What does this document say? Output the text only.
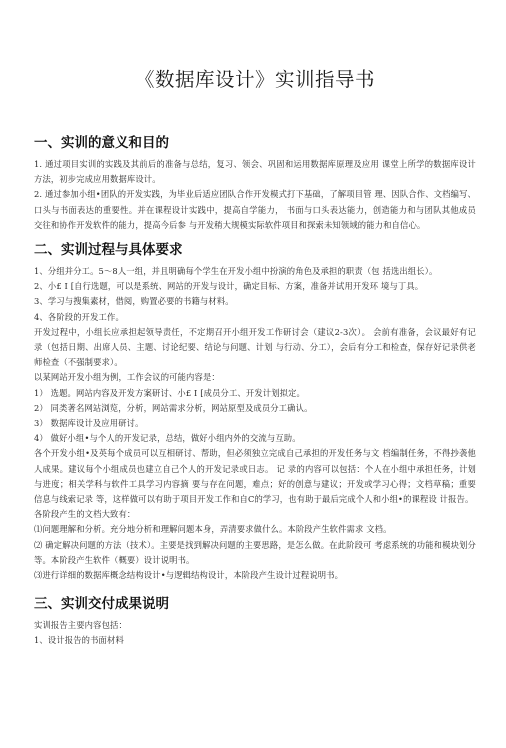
《数据库设计》实训指导书
一、实训的意义和目的

1. 通过项目实训的实践及其前后的准备与总结，复习、领会、巩固和运用数据库原理及应用 课堂上所学的数据库设计方法，初步完成应用数据库设计。

2. 通过参加小组•团队的开发实践，为毕业后适应团队合作开发模式打下基础，了解项目管 理、因队合作、文档编写、口头与书面表达的重要性。并在课程设计实践中，提高自学能力， 书面与口头表达能力，创造能力和与团队其他成员交往和协作开发软件的能力，提高今后参 与开发稍大规模实际软件项目和探索未知领域的能力和自信心。

二、实训过程与具体要求

1、分组并分工。5～8人一组，并且明确每个学生在开发小组中扮演的角色及承担的职责（包 括选出组长）。

2、小£ I [自行选题，可以是系统、网站的开发与设计，确定目标、方案，准备并试用开发环 境与丁具。

3、学习与搜集素材，借阅，购置必要的书籍与材料。

4、各阶段的开发工作。

开发过程中，小组长应承担起领导责任，不定期召开小组开发工作研讨会（建议2-3次）。 会前有准备，会议最好有记录（包括日期、出席人员、主题、讨论纪要、结论与问题、计划 与行动、分工），会后有分工和检查，保存好记录供老师检查（不强制要求）。

以某网站开发小组为例，工作会议的可能内容是：

1） 选题。网站内容及开发方案研讨、小£ I [成员分工、开发计划拟定。

2） 同类著名网站浏览，分析，网站需求分析，网站原型及成员分工确认。

3） 数据库设计及应用研讨。

4） 做好小组•与个人的开发记录，总结，做好小组内外的交流与互助。

各个开发小组•及英每个成员可以互相研讨、帮助，但必须独立完成自己承担的开发任务与文 档编制任务，不得抄袭他人成果。建议每个小组成员也建立自己个人的开发记录或日志。 记 录的内容可以包括：个人在小组中承担任务，计划与进度；相关学科与软件工具学习内容摘 要与存在问题，难点；好的创意与建议；开发或学习心得；文档草稿；重要信息与线索记录 等，这样做可以有助于项目开发工作和自C的学习，也有助于最后完成个人和小组•的课程设 计报告。

各阶段产生的文档大致有：

⑴问题理解和分析。充分地分析和理解问题本身，弄清要求做什么。本阶段产生软件需求 文档。

⑵ 确定解决问题的方法（技术）。主要是找到解决问题的主要思路，是怎么做。在此阶段可 考虑系统的功能和模块划分等。本阶段产生软件（概要）设计说明书。

⑶进行详细的数据库概念结构设计•与逻辑结构设计，本阶段产生设计过程说明书。

三、实训交付成果说明

实训报告主要内容包括：

1、设计报告的书面材料
